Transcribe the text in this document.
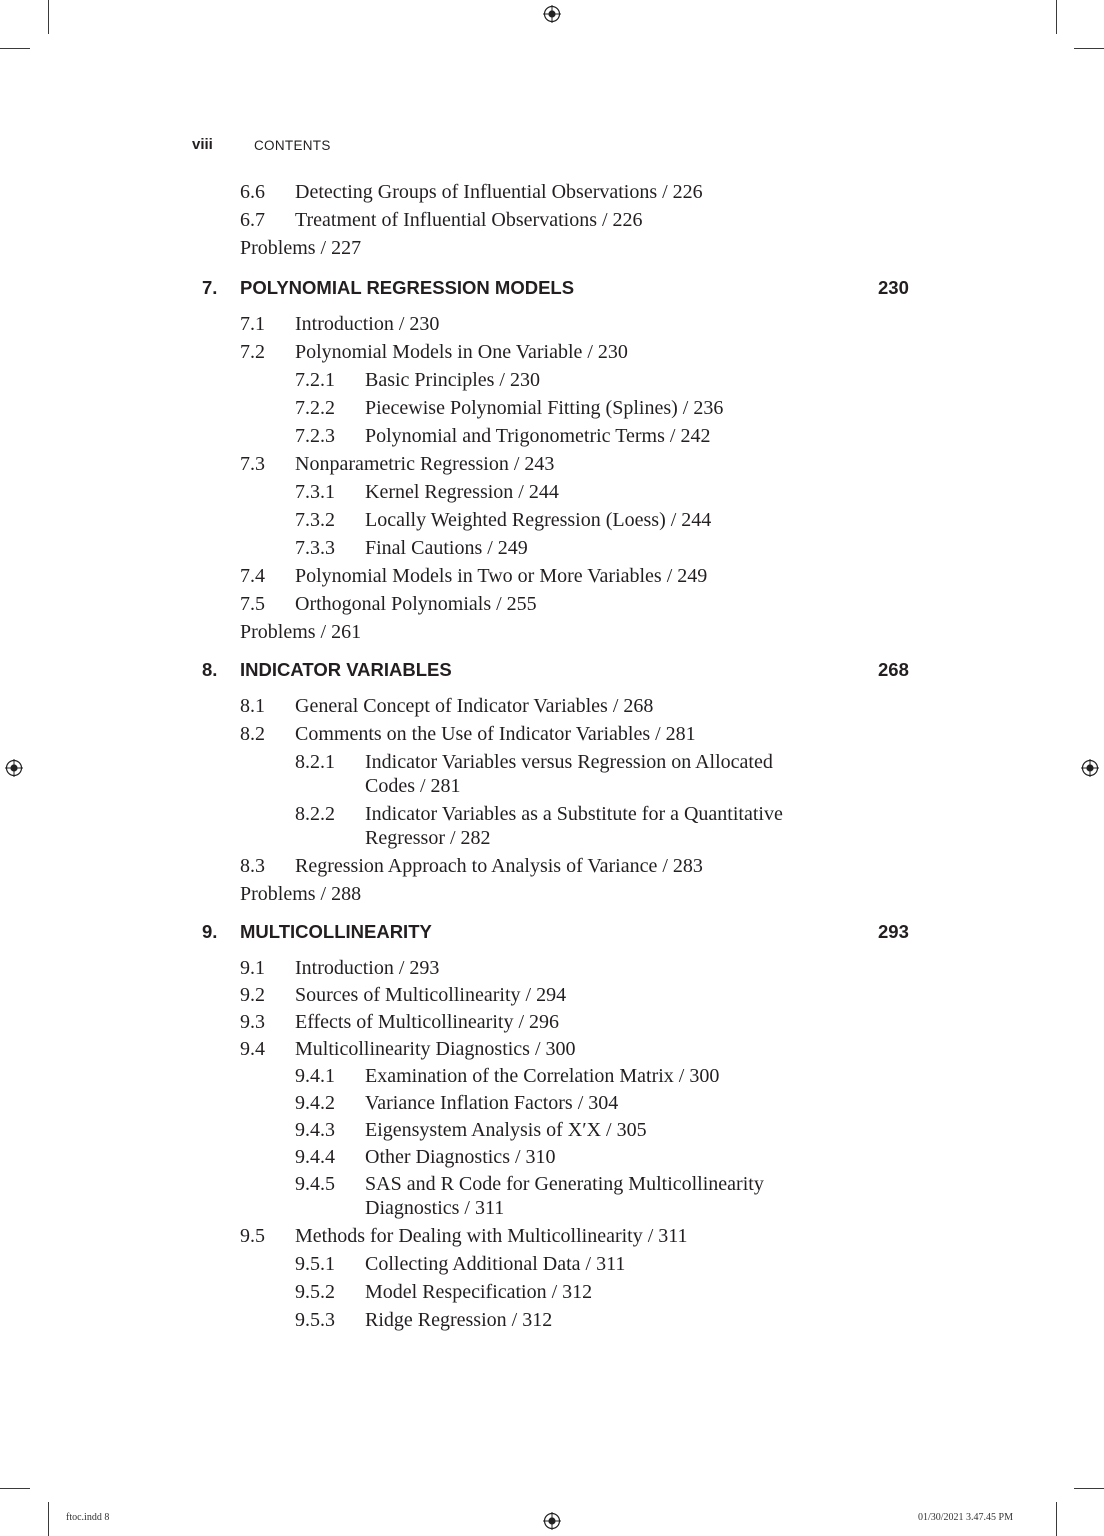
viii	CONTENTS
6.6 Detecting Groups of Influential Observations / 226
6.7 Treatment of Influential Observations / 226
Problems / 227
7. POLYNOMIAL REGRESSION MODELS	230
7.1 Introduction / 230
7.2 Polynomial Models in One Variable / 230
7.2.1 Basic Principles / 230
7.2.2 Piecewise Polynomial Fitting (Splines) / 236
7.2.3 Polynomial and Trigonometric Terms / 242
7.3 Nonparametric Regression / 243
7.3.1 Kernel Regression / 244
7.3.2 Locally Weighted Regression (Loess) / 244
7.3.3 Final Cautions / 249
7.4 Polynomial Models in Two or More Variables / 249
7.5 Orthogonal Polynomials / 255
Problems / 261
8. INDICATOR VARIABLES	268
8.1 General Concept of Indicator Variables / 268
8.2 Comments on the Use of Indicator Variables / 281
8.2.1 Indicator Variables versus Regression on Allocated
Codes / 281
8.2.2 Indicator Variables as a Substitute for a Quantitative
Regressor / 282
8.3 Regression Approach to Analysis of Variance / 283
Problems / 288
9. MULTICOLLINEARITY	293
9.1 Introduction / 293
9.2 Sources of Multicollinearity / 294
9.3 Effects of Multicollinearity / 296
9.4 Multicollinearity Diagnostics / 300
9.4.1 Examination of the Correlation Matrix / 300
9.4.2 Variance Inflation Factors / 304
9.4.3 Eigensystem Analysis of X′X / 305
9.4.4 Other Diagnostics / 310
9.4.5 SAS and R Code for Generating Multicollinearity
Diagnostics / 311
9.5 Methods for Dealing with Multicollinearity / 311
9.5.1 Collecting Additional Data / 311
9.5.2 Model Respecification / 312
9.5.3 Ridge Regression / 312
ftoc.indd 8	01/30/2021 3.47.45 PM
